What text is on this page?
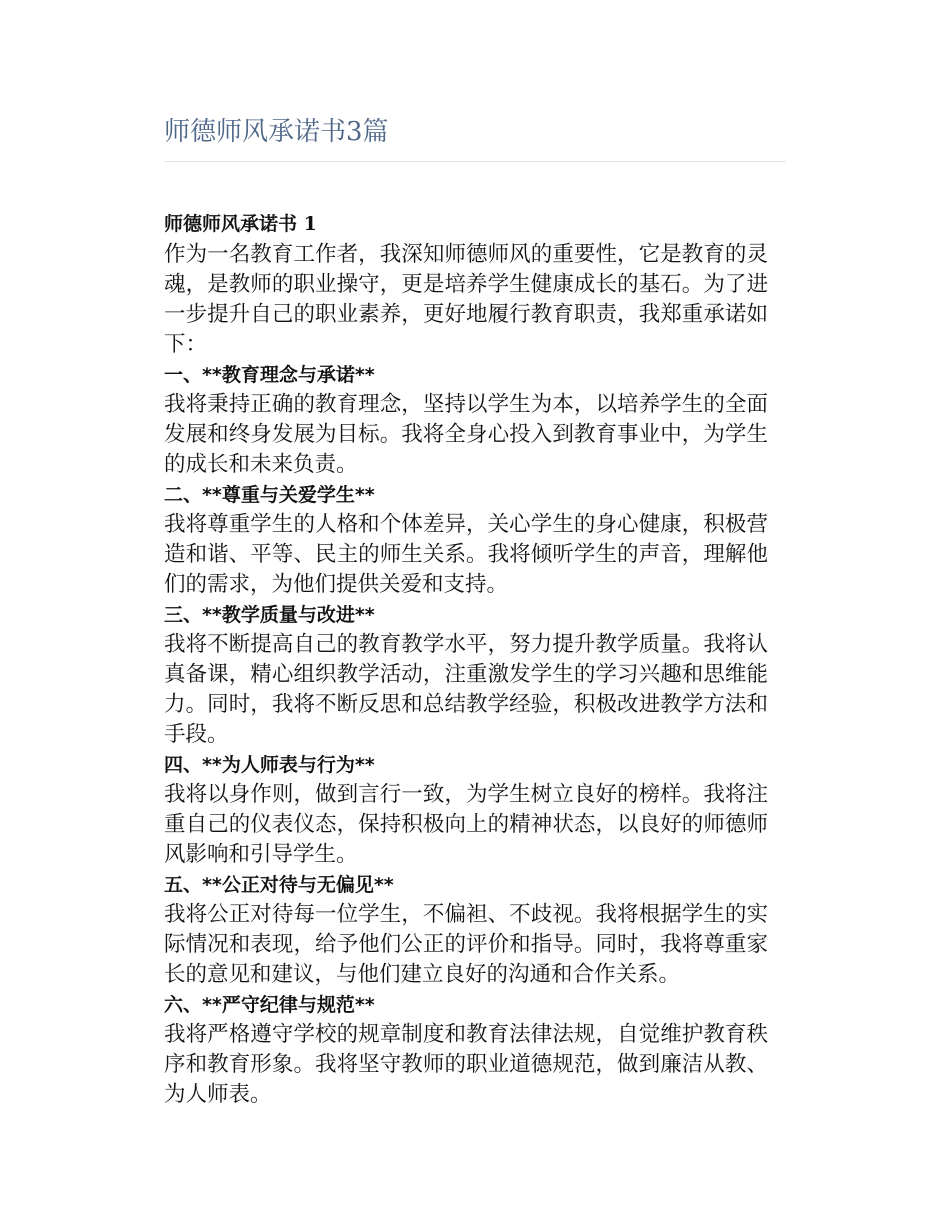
师德师风承诺书3篇
师德师风承诺书 1

作为一名教育工作者，我深知师德师风的重要性，它是教育的灵魂，是教师的职业操守，更是培养学生健康成长的基石。为了进一步提升自己的职业素养，更好地履行教育职责，我郑重承诺如下：

一、**教育理念与承诺**

我将秉持正确的教育理念，坚持以学生为本，以培养学生的全面发展和终身发展为目标。我将全身心投入到教育事业中，为学生的成长和未来负责。

二、**尊重与关爱学生**

我将尊重学生的人格和个体差异，关心学生的身心健康，积极营造和谐、平等、民主的师生关系。我将倾听学生的声音，理解他们的需求，为他们提供关爱和支持。

三、**教学质量与改进**

我将不断提高自己的教育教学水平，努力提升教学质量。我将认真备课，精心组织教学活动，注重激发学生的学习兴趣和思维能力。同时，我将不断反思和总结教学经验，积极改进教学方法和手段。

四、**为人师表与行为**

我将以身作则，做到言行一致，为学生树立良好的榜样。我将注重自己的仪表仪态，保持积极向上的精神状态，以良好的师德师风影响和引导学生。

五、**公正对待与无偏见**

我将公正对待每一位学生，不偏袒、不歧视。我将根据学生的实际情况和表现，给予他们公正的评价和指导。同时，我将尊重家长的意见和建议，与他们建立良好的沟通和合作关系。

六、**严守纪律与规范**

我将严格遵守学校的规章制度和教育法律法规，自觉维护教育秩序和教育形象。我将坚守教师的职业道德规范，做到廉洁从教、为人师表。
